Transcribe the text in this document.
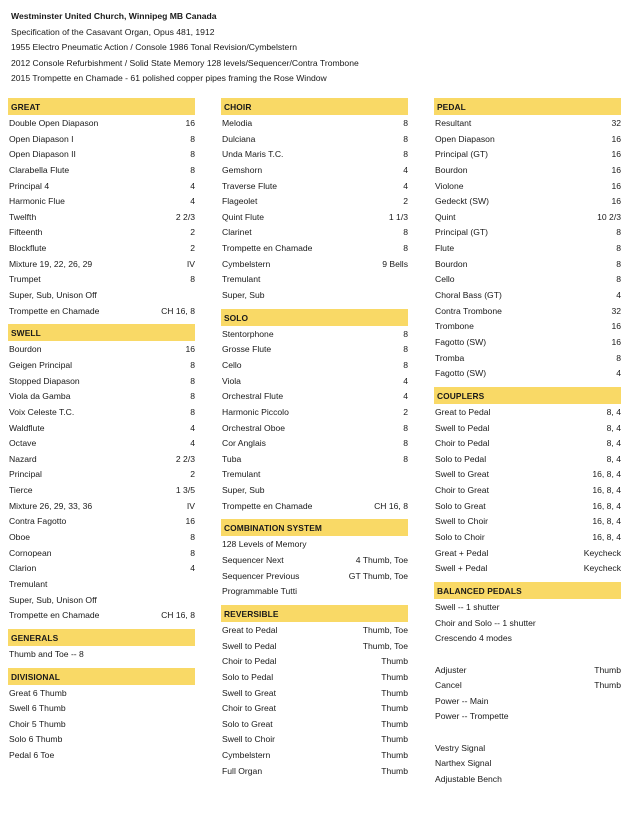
Westminster United Church, Winnipeg MB Canada
Specification of the Casavant Organ, Opus 481, 1912
1955 Electro Pneumatic Action / Console 1986 Tonal Revision/Cymbelstern
2012 Console Refurbishment / Solid State Memory 128 levels/Sequencer/Contra Trombone
2015 Trompette en Chamade - 61 polished copper pipes framing the Rose Window
GREAT
Double Open Diapason	16
Open Diapason I	8
Open Diapason II	8
Clarabella Flute	8
Principal 4	4
Harmonic Flue	4
Twelfth	2 2/3
Fifteenth	2
Blockflute	2
Mixture 19, 22, 26, 29	IV
Trumpet	8
Super, Sub, Unison Off
Trompette en Chamade	CH 16, 8
SWELL
Bourdon	16
Geigen Principal	8
Stopped Diapason	8
Viola da Gamba	8
Voix Celeste T.C.	8
Waldflute	4
Octave	4
Nazard	2 2/3
Principal	2
Tierce	1 3/5
Mixture 26, 29, 33, 36	IV
Contra Fagotto	16
Oboe	8
Cornopean	8
Clarion	4
Tremulant
Super, Sub, Unison Off
Trompette en Chamade	CH 16, 8
GENERALS
Thumb and Toe -- 8
DIVISIONAL
Great 6 Thumb
Swell 6 Thumb
Choir 5 Thumb
Solo 6 Thumb
Pedal 6 Toe
CHOIR
Melodia	8
Dulciana	8
Unda Maris T.C.	8
Gemshorn	4
Traverse Flute	4
Flageolet	2
Quint Flute	1 1/3
Clarinet	8
Trompette en Chamade	8
Cymbelstern	9 Bells
Tremulant
Super, Sub
SOLO
Stentorphone	8
Grosse Flute	8
Cello	8
Viola	4
Orchestral Flute	4
Harmonic Piccolo	2
Orchestral Oboe	8
Cor Anglais	8
Tuba	8
Tremulant
Super, Sub
Trompette en Chamade	CH 16, 8
COMBINATION SYSTEM
128 Levels of Memory
Sequencer Next	4 Thumb, Toe
Sequencer Previous	GT Thumb, Toe
Programmable Tutti
REVERSIBLE
Great to Pedal	Thumb, Toe
Swell to Pedal	Thumb, Toe
Choir to Pedal	Thumb
Solo to Pedal	Thumb
Swell to Great	Thumb
Choir to Great	Thumb
Solo to Great	Thumb
Swell to Choir	Thumb
Cymbelstern	Thumb
Full Organ	Thumb
PEDAL
Resultant	32
Open Diapason	16
Principal (GT)	16
Bourdon	16
Violone	16
Gedeckt (SW)	16
Quint	10 2/3
Principal (GT)	8
Flute	8
Bourdon	8
Cello	8
Choral Bass (GT)	4
Contra Trombone	32
Trombone	16
Fagotto (SW)	16
Tromba	8
Fagotto (SW)	4
COUPLERS
Great to Pedal	8, 4
Swell to Pedal	8, 4
Choir to Pedal	8, 4
Solo to Pedal	8, 4
Swell to Great	16, 8, 4
Choir to Great	16, 8, 4
Solo to Great	16, 8, 4
Swell to Choir	16, 8, 4
Solo to Choir	16, 8, 4
Great + Pedal	Keycheck
Swell + Pedal	Keycheck
BALANCED PEDALS
Swell -- 1 shutter
Choir and Solo -- 1 shutter
Crescendo 4 modes
Adjuster	Thumb
Cancel	Thumb
Power -- Main
Power -- Trompette
Vestry Signal
Narthex Signal
Adjustable Bench
